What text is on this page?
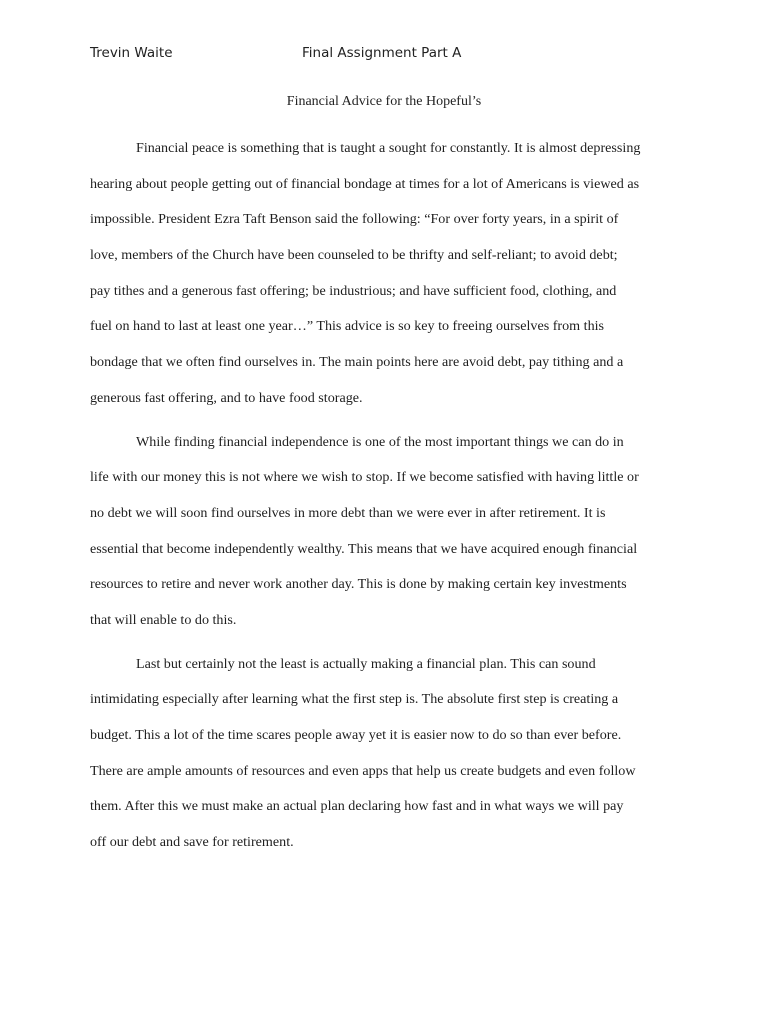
Trevin Waite	Final Assignment Part A
Financial Advice for the Hopeful’s
Financial peace is something that is taught a sought for constantly. It is almost depressing
hearing about people getting out of financial bondage at times for a lot of Americans is viewed as
impossible. President Ezra Taft Benson said the following: “For over forty years, in a spirit of
love, members of the Church have been counseled to be thrifty and self-reliant; to avoid debt;
pay tithes and a generous fast offering; be industrious; and have sufficient food, clothing, and
fuel on hand to last at least one year…” This advice is so key to freeing ourselves from this
bondage that we often find ourselves in. The main points here are avoid debt, pay tithing and a
generous fast offering, and to have food storage.
While finding financial independence is one of the most important things we can do in
life with our money this is not where we wish to stop. If we become satisfied with having little or
no debt we will soon find ourselves in more debt than we were ever in after retirement. It is
essential that become independently wealthy. This means that we have acquired enough financial
resources to retire and never work another day. This is done by making certain key investments
that will enable to do this.
Last but certainly not the least is actually making a financial plan. This can sound
intimidating especially after learning what the first step is. The absolute first step is creating a
budget. This a lot of the time scares people away yet it is easier now to do so than ever before.
There are ample amounts of resources and even apps that help us create budgets and even follow
them. After this we must make an actual plan declaring how fast and in what ways we will pay
off our debt and save for retirement.
